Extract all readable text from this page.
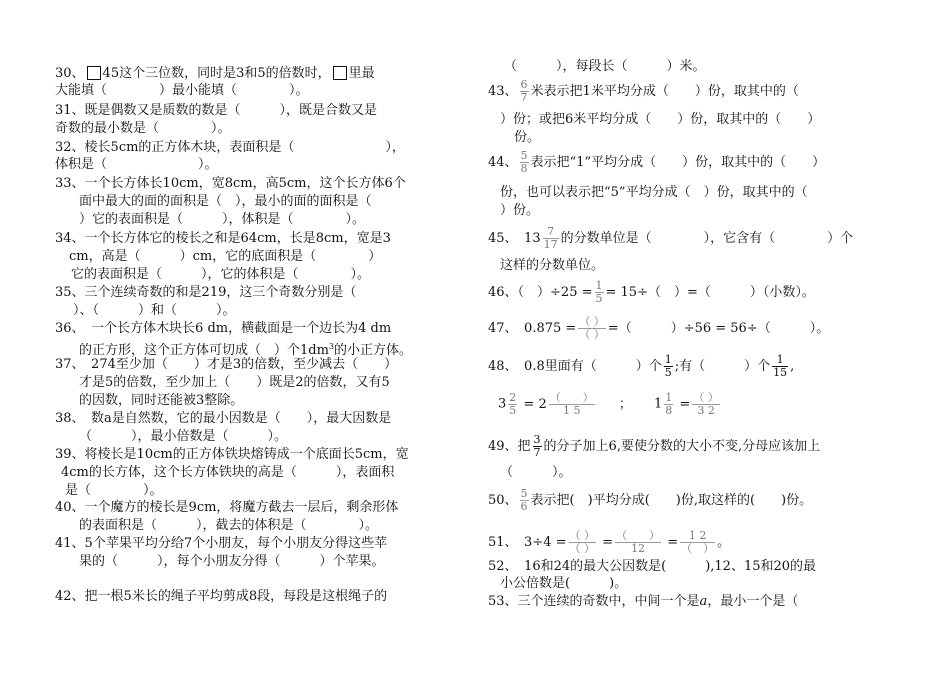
30、 45这个三位数，同时是3和5的倍数时， 里最
大能填（　　　　）最小能填（　　　　）。
31、既是偶数又是质数的数是（　　　），既是合数又是
奇数的最小数是（　　　　）。
32、棱长5cm的正方体木块，表面积是（　　　　　　　），
体积是（　　　　　　　）。
33、一个长方体长10cm，宽8cm，高5cm，这个长方体6个
面中最大的面的面积是（　），最小的面的面积是（
）它的表面积是（　　　），体积是（　　　　）。
34、一个长方体它的棱长之和是64cm，长是8cm，宽是3
cm，高是（　　　）cm，它的底面积是（　　　　）
它的表面积是（　　　），它的体积是（　　　　）。
35、三个连续奇数的和是219，这三个奇数分别是（
）、（　　　）和（　　　）。
36、　一个长方体木块长6 dm，横截面是一个边长为4 dm
的正方形，这个正方体可切成（　）个$1dm^3$的小正方体。
37、　274至少加（　　）才是3的倍数，至少减去（　　）
才是5的倍数，至少加上（　　）既是2的倍数，又有5
的因数，同时还能被3整除。
38、　数a是自然数，它的最小因数是（　　），最大因数是
（　　　），最小倍数是（　　　）。
39、将棱长是10cm的正方体铁块熔铸成一个底面长5cm，宽
4cm的长方体，这个长方体铁块的高是（　　　），表面积
是（　　　　）。
40、一个魔方的棱长是9cm，将魔方截去一层后，剩余形体
的表面积是（　　　），截去的体积是（　　　　）。
41、5个苹果平均分给7个小朋友，每个小朋友分得这些苹
果的（　　　），每个小朋友分得（　　　）个苹果。
42、把一根5米长的绳子平均剪成8段，每段是这根绳子的
（　　　），每段长（　　　）米。
43、 $\frac{6}{7}$ 米表示把1米平均分成（　　）份，取其中的（
）份；或把6米平均分成（　　）份，取其中的（　　）
份。
44、 $\frac{5}{8}$ 表示把“1”平均分成（　　）份，取其中的（　　）
份，也可以表示把“5”平均分成（　）份，取其中的（
）份。
45、　$13 \frac{7}{17}$ 的分数单位是（　　　　），它含有（　　　　）个
这样的分数单位。
46、（　）$\div 25 = \frac{1}{5} = 15\div$（　）=（　　　）（小数）。
47、　$0.875 = \frac{( )}{( )}$ =（　　　）÷56 = 56÷（　　　）。
48、　0.8里面有（　　　）个 $\frac{1}{5}$ ;有（　　　）个 $\frac{1}{15}$ ,
$3 \frac{2}{5} = 2 \frac{( )}{1 5}$ ； $1 \frac{1}{8} = \frac{( )}{3 2}$
49、把 $\frac{3}{7}$ 的分子加上6,要使分数的大小不变,分母应该加上
（　　　）。
50、 $\frac{5}{6}$ 表示把(　)平均分成(　　)份,取这样的(　　)份。
51、　$3\div 4 = \frac{( )}{( )} = \frac{( )}{12} = \frac{1 2}{( )}$ 。
52、　16和24的最大公因数是(　　　),12、15和20的最
小公倍数是(　　　)。
53、三个连续的奇数中，中间一个是a，最小一个是（
